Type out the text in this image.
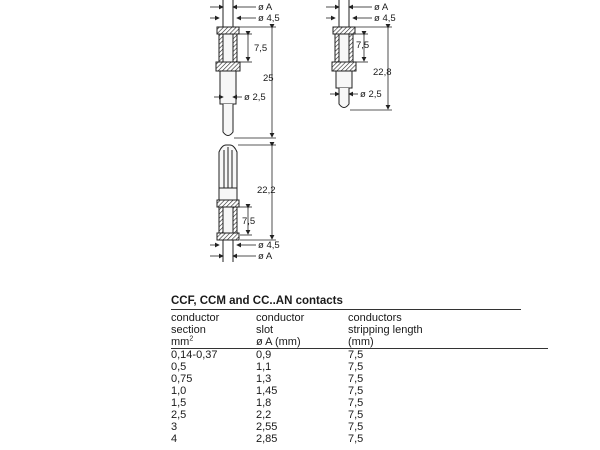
ø A
ø 4,5
7,5
25
ø 2,5
ø A
ø 4,5
7,5
22,8
ø 2,5
22,2
7,5
ø 4,5
ø A
CCF, CCM and CC..AN contacts
conductor	conductor	conductors
section	slot	stripping length
$mm^2$	ø A (mm)	(mm)
0,14-0,37	0,9	7,5
0,5	1,1	7,5
0,75	1,3	7,5
1,0	1,45	7,5
1,5	1,8	7,5
2,5	2,2	7,5
3	2,55	7,5
4	2,85	7,5
